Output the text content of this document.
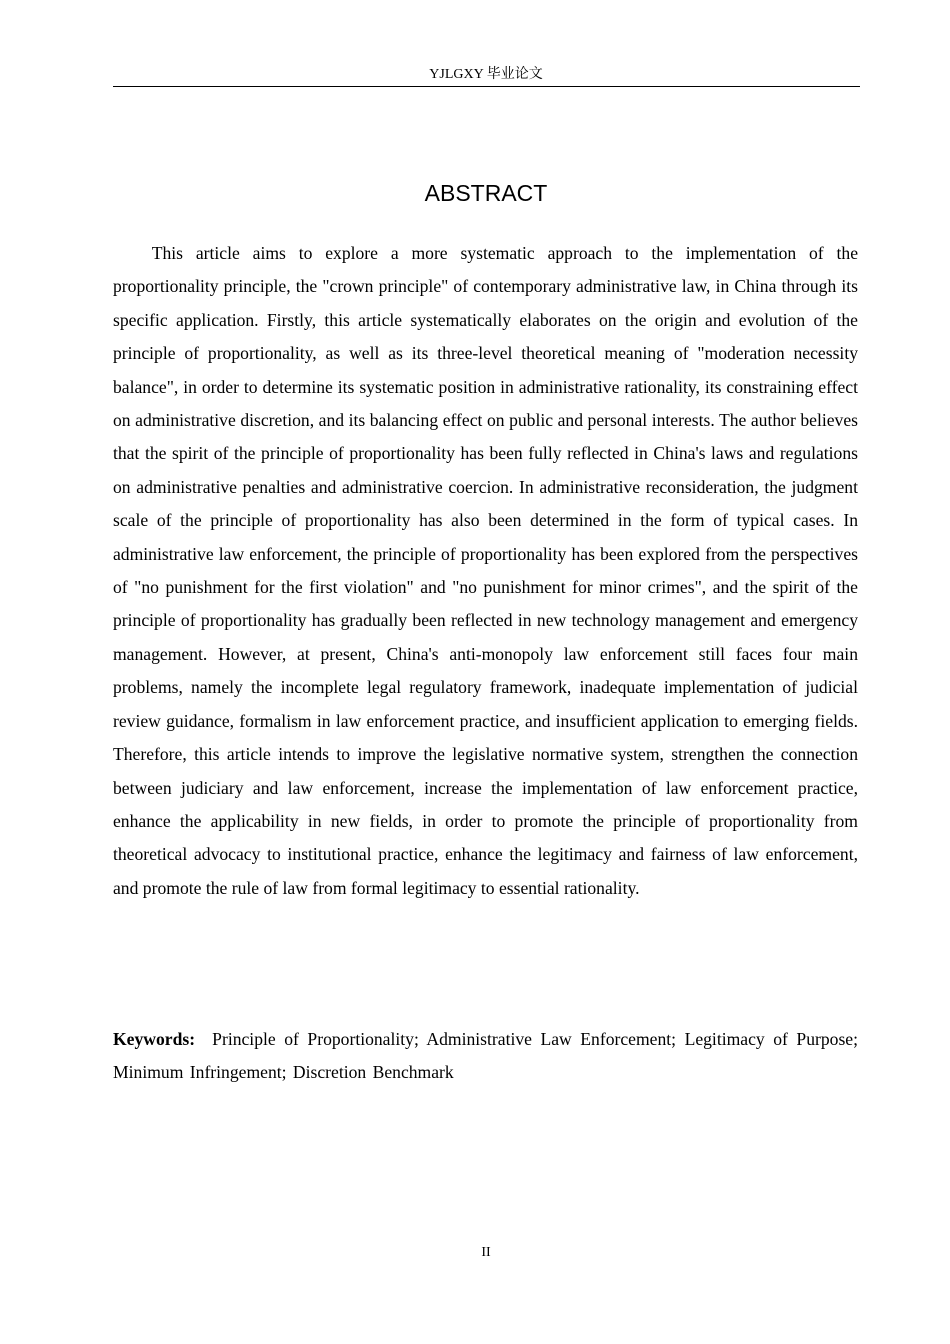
YJLGXY 毕业论文
ABSTRACT

This article aims to explore a more systematic approach to the implementation of the proportionality principle, the "crown principle" of contemporary administrative law, in China through its specific application. Firstly, this article systematically elaborates on the origin and evolution of the principle of proportionality, as well as its three-level theoretical meaning of "moderation necessity balance", in order to determine its systematic position in administrative rationality, its constraining effect on administrative discretion, and its balancing effect on public and personal interests. The author believes that the spirit of the principle of proportionality has been fully reflected in China's laws and regulations on administrative penalties and administrative coercion. In administrative reconsideration, the judgment scale of the principle of proportionality has also been determined in the form of typical cases. In administrative law enforcement, the principle of proportionality has been explored from the perspectives of "no punishment for the first violation" and "no punishment for minor crimes", and the spirit of the principle of proportionality has gradually been reflected in new technology management and emergency management. However, at present, China's anti-monopoly law enforcement still faces four main problems, namely the incomplete legal regulatory framework, inadequate implementation of judicial review guidance, formalism in law enforcement practice, and insufficient application to emerging fields. Therefore, this article intends to improve the legislative normative system, strengthen the connection between judiciary and law enforcement, increase the implementation of law enforcement practice, enhance the applicability in new fields, in order to promote the principle of proportionality from theoretical advocacy to institutional practice, enhance the legitimacy and fairness of law enforcement, and promote the rule of law from formal legitimacy to essential rationality.

Keywords: Principle of Proportionality; Administrative Law Enforcement; Legitimacy of Purpose; Minimum Infringement; Discretion Benchmark

II
